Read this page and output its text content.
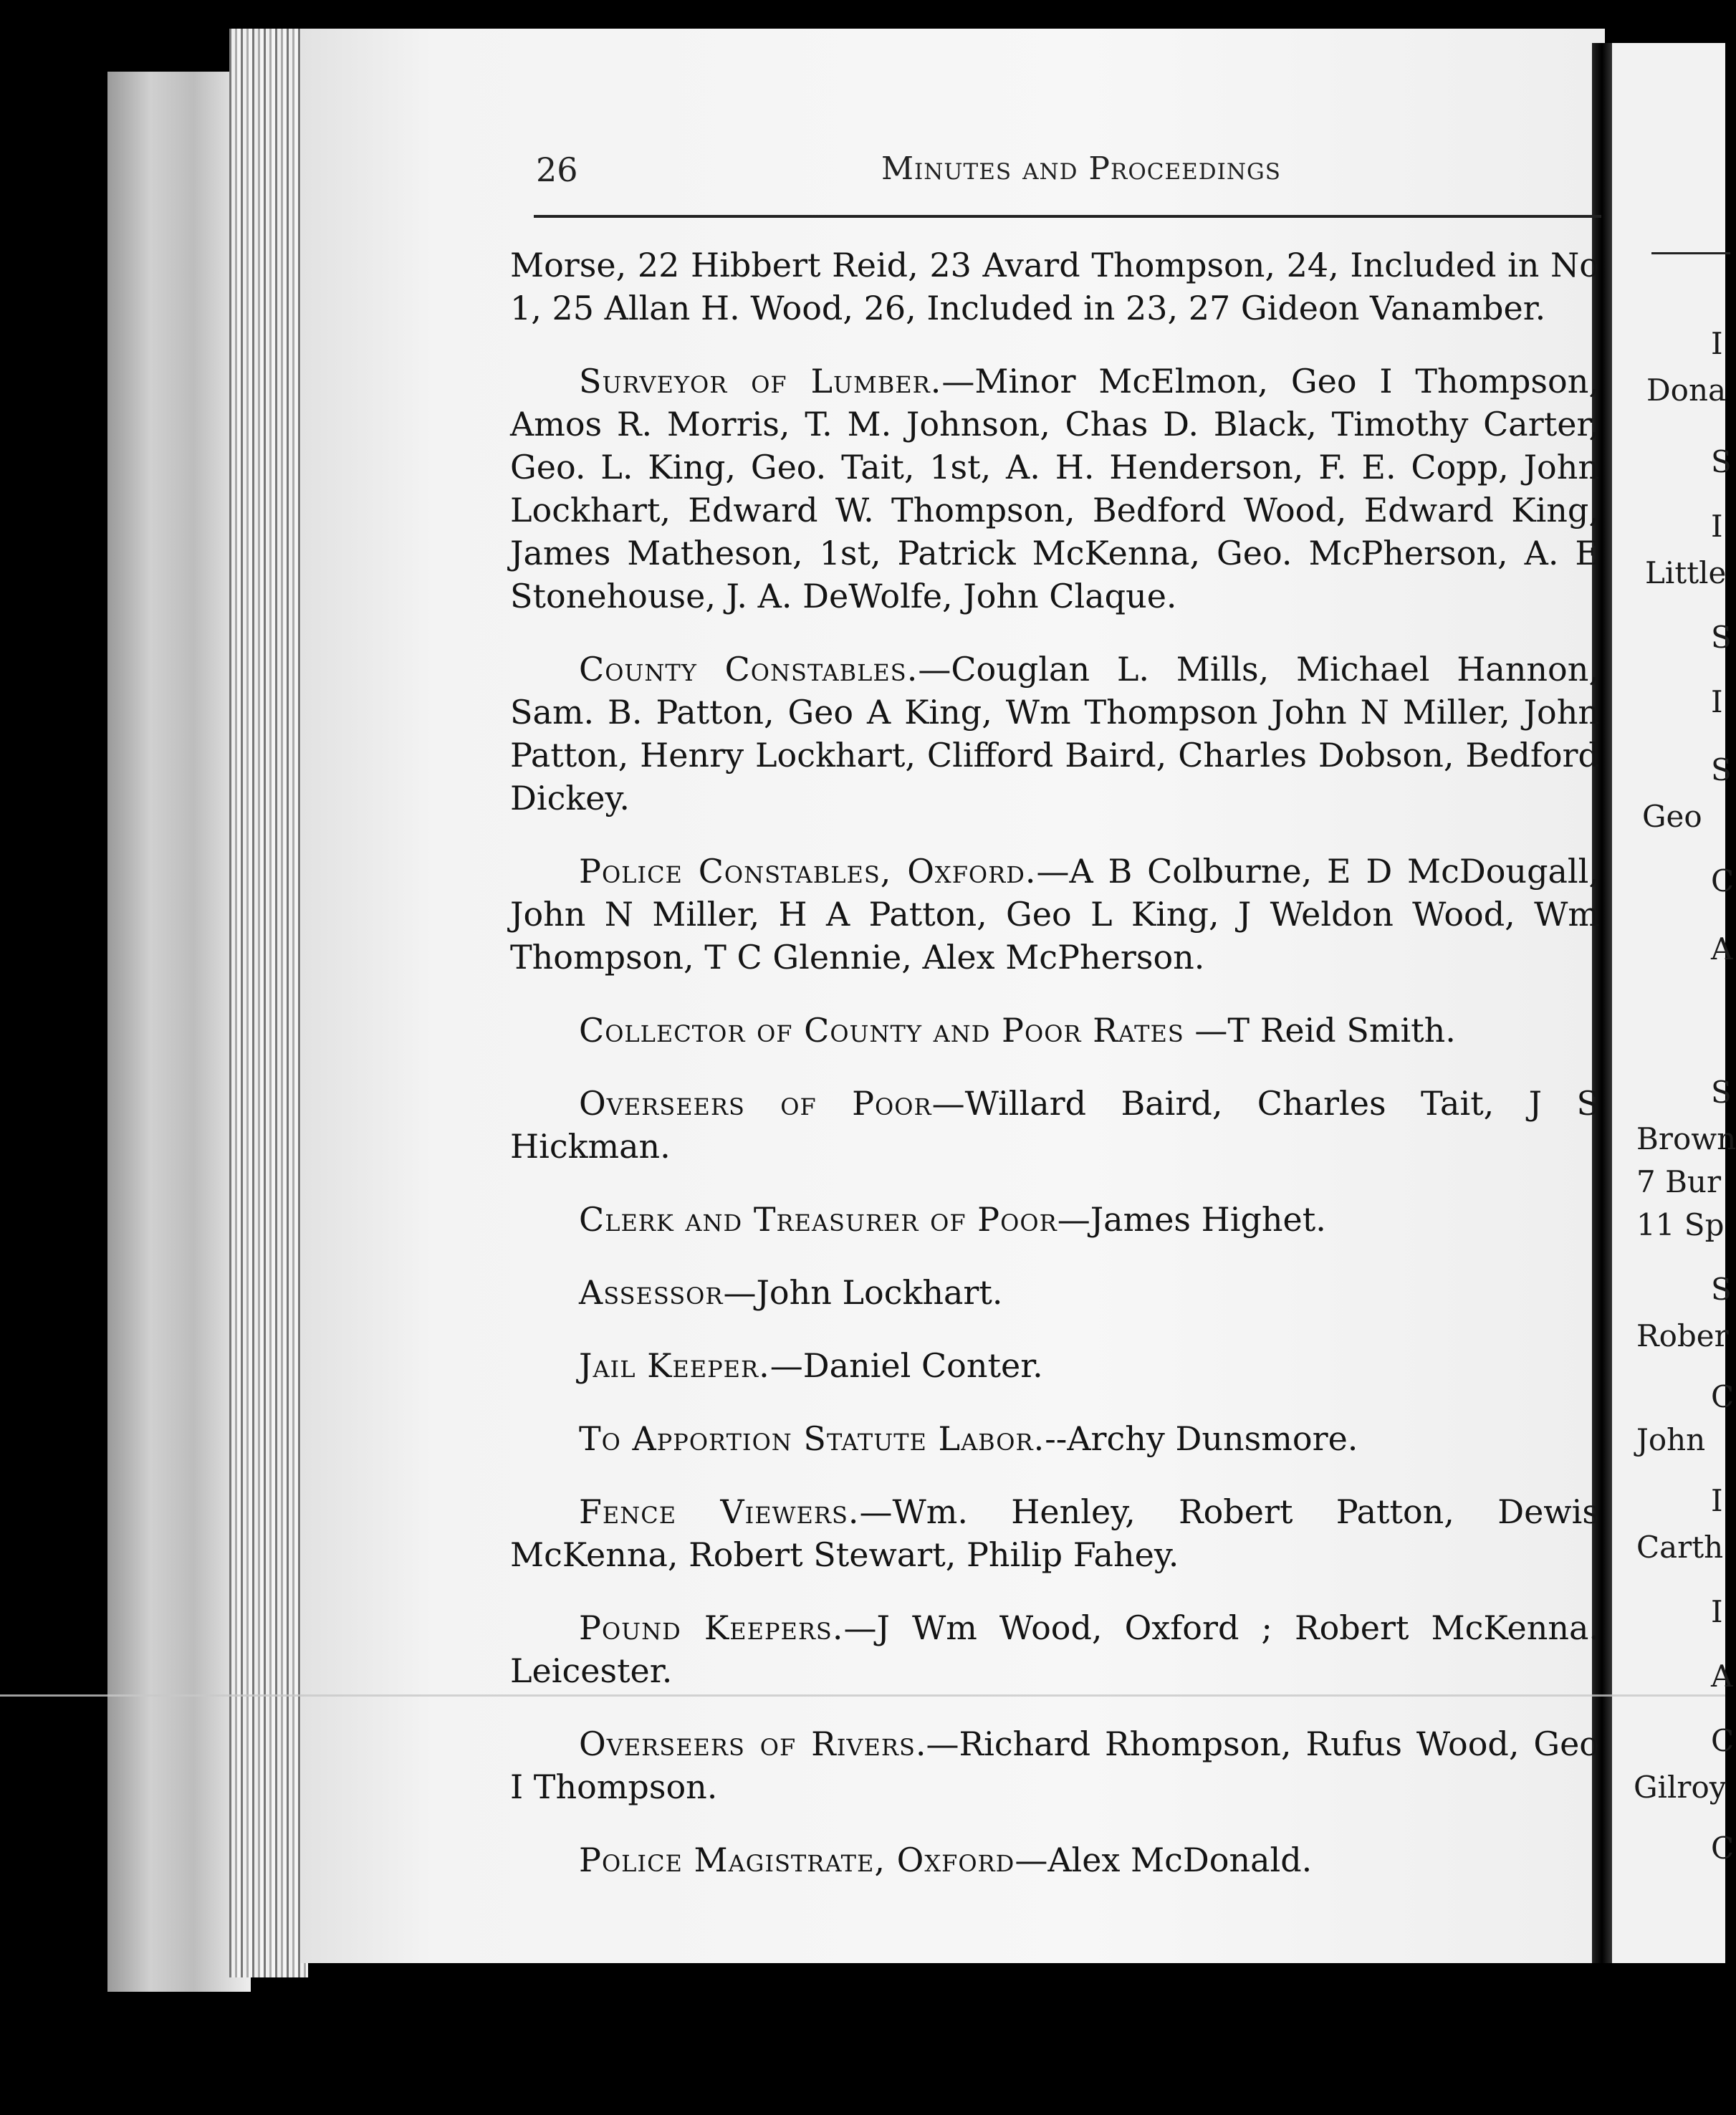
I
Dona
S
I
Little
S
I
S
Geo
C
A
S
Brown
7 Bur
11 Sp
S
Rober
C
John
I
Carth
I
A
C
Gilroy
C
26	Minutes and Proceedings

Morse, 22 Hibbert Reid, 23 Avard Thompson, 24, Included in No 1, 25 Allan H. Wood, 26, Included in 23, 27 Gideon Vanamber.

Surveyor of Lumber.—Minor McElmon, Geo I Thompson, Amos R. Morris, T. M. Johnson, Chas D. Black, Timothy Carter, Geo. L. King, Geo. Tait, 1st, A. H. Henderson, F. E. Copp, John Lockhart, Edward W. Thompson, Bedford Wood, Edward King, James Matheson, 1st, Patrick McKenna, Geo. McPherson, A. E Stonehouse, J. A. DeWolfe, John Claque.

County Constables.—Couglan L. Mills, Michael Hannon, Sam. B. Patton, Geo A King, Wm Thompson John N Miller, John Patton, Henry Lockhart, Clifford Baird, Charles Dobson, Bedford Dickey.

Police Constables, Oxford.—A B Colburne, E D McDougall, John N Miller, H A Patton, Geo L King, J Weldon Wood, Wm Thompson, T C Glennie, Alex McPherson.

Collector of County and Poor Rates —T Reid Smith.

Overseers of Poor—Willard Baird, Charles Tait, J S Hickman.

Clerk and Treasurer of Poor—James Highet.

Assessor—John Lockhart.

Jail Keeper.—Daniel Conter.

To Apportion Statute Labor.--Archy Dunsmore.

Fence Viewers.—Wm. Henley, Robert Patton, Dewis McKenna, Robert Stewart, Philip Fahey.

Pound Keepers.—J Wm Wood, Oxford ; Robert McKenna. Leicester.

Overseers of Rivers.—Richard Rhompson, Rufus Wood, Geo I Thompson.

Police Magistrate, Oxford—Alex McDonald.
